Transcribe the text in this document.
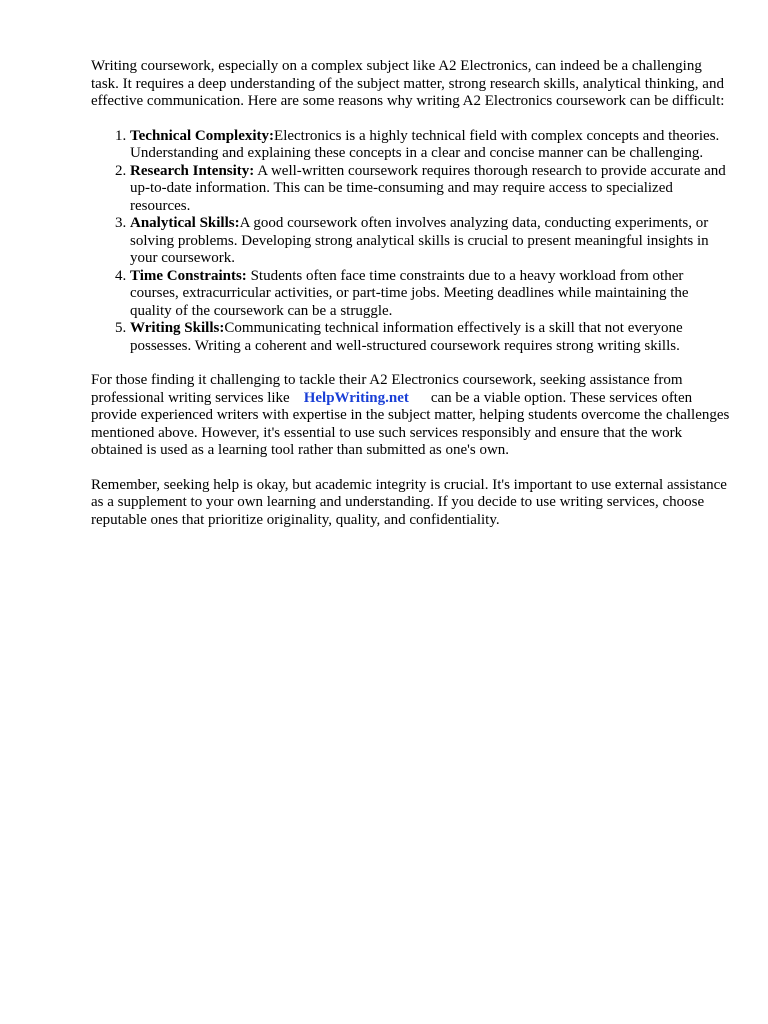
Writing coursework, especially on a complex subject like A2 Electronics, can indeed be a challenging task. It requires a deep understanding of the subject matter, strong research skills, analytical thinking, and effective communication. Here are some reasons why writing A2 Electronics coursework can be difficult:

1. Technical Complexity:Electronics is a highly technical field with complex concepts and theories. Understanding and explaining these concepts in a clear and concise manner can be challenging.
2. Research Intensity: A well-written coursework requires thorough research to provide accurate and up-to-date information. This can be time-consuming and may require access to specialized resources.
3. Analytical Skills:A good coursework often involves analyzing data, conducting experiments, or solving problems. Developing strong analytical skills is crucial to present meaningful insights in your coursework.
4. Time Constraints: Students often face time constraints due to a heavy workload from other courses, extracurricular activities, or part-time jobs. Meeting deadlines while maintaining the quality of the coursework can be a struggle.
5. Writing Skills:Communicating technical information effectively is a skill that not everyone possesses. Writing a coherent and well-structured coursework requires strong writing skills.

For those finding it challenging to tackle their A2 Electronics coursework, seeking assistance from professional writing services like HelpWriting.net can be a viable option. These services often provide experienced writers with expertise in the subject matter, helping students overcome the challenges mentioned above. However, it's essential to use such services responsibly and ensure that the work obtained is used as a learning tool rather than submitted as one's own.

Remember, seeking help is okay, but academic integrity is crucial. It's important to use external assistance as a supplement to your own learning and understanding. If you decide to use writing services, choose reputable ones that prioritize originality, quality, and confidentiality.
